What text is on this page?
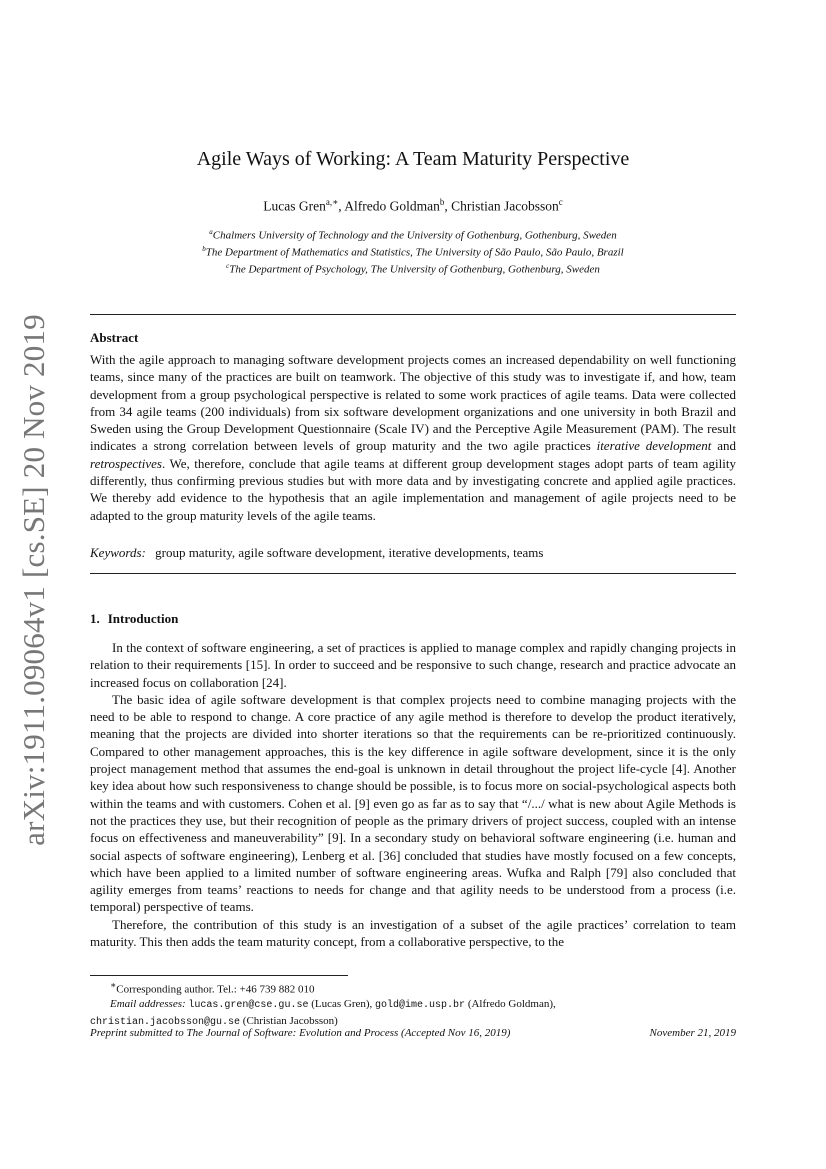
arXiv:1911.09064v1 [cs.SE] 20 Nov 2019
Agile Ways of Working: A Team Maturity Perspective
Lucas Gren$^{a,∗}$, Alfredo Goldman$^b$, Christian Jacobsson$^c$
$^a$Chalmers University of Technology and the University of Gothenburg, Gothenburg, Sweden
$^b$The Department of Mathematics and Statistics, The University of São Paulo, São Paulo, Brazil
$^c$The Department of Psychology, The University of Gothenburg, Gothenburg, Sweden
Abstract
With the agile approach to managing software development projects comes an increased dependability on well functioning teams, since many of the practices are built on teamwork. The objective of this study was to investigate if, and how, team development from a group psychological perspective is related to some work practices of agile teams. Data were collected from 34 agile teams (200 individuals) from six software development organizations and one university in both Brazil and Sweden using the Group Development Questionnaire (Scale IV) and the Perceptive Agile Measurement (PAM). The result indicates a strong correlation between levels of group maturity and the two agile practices iterative development and retrospectives. We, therefore, conclude that agile teams at different group development stages adopt parts of team agility differently, thus confirming previous studies but with more data and by investigating concrete and applied agile practices. We thereby add evidence to the hypothesis that an agile implementation and management of agile projects need to be adapted to the group maturity levels of the agile teams.
Keywords: group maturity, agile software development, iterative developments, teams
1. Introduction

In the context of software engineering, a set of practices is applied to manage complex and rapidly changing projects in relation to their requirements [15]. In order to succeed and be responsive to such change, research and practice advocate an increased focus on collaboration [24].

The basic idea of agile software development is that complex projects need to combine managing projects with the need to be able to respond to change. A core practice of any agile method is therefore to develop the product iteratively, meaning that the projects are divided into shorter iterations so that the requirements can be re-prioritized continuously. Compared to other management approaches, this is the key difference in agile software development, since it is the only project management method that assumes the end-goal is unknown in detail throughout the project life-cycle [4]. Another key idea about how such responsiveness to change should be possible, is to focus more on social-psychological aspects both within the teams and with customers. Cohen et al. [9] even go as far as to say that “/.../ what is new about Agile Methods is not the practices they use, but their recognition of people as the primary drivers of project success, coupled with an intense focus on effectiveness and maneuverability” [9]. In a secondary study on behavioral software engineering (i.e. human and social aspects of software engineering), Lenberg et al. [36] concluded that studies have mostly focused on a few concepts, which have been applied to a limited number of software engineering areas. Wufka and Ralph [79] also concluded that agility emerges from teams’ reactions to needs for change and that agility needs to be understood from a process (i.e. temporal) perspective of teams.

Therefore, the contribution of this study is an investigation of a subset of the agile practices’ correlation to team maturity. This then adds the team maturity concept, from a collaborative perspective, to the

∗Corresponding author. Tel.: +46 739 882 010
Email addresses: lucas.gren@cse.gu.se (Lucas Gren), gold@ime.usp.br (Alfredo Goldman),
christian.jacobsson@gu.se (Christian Jacobsson)
Preprint submitted to The Journal of Software: Evolution and Process (Accepted Nov 16, 2019)	November 21, 2019
